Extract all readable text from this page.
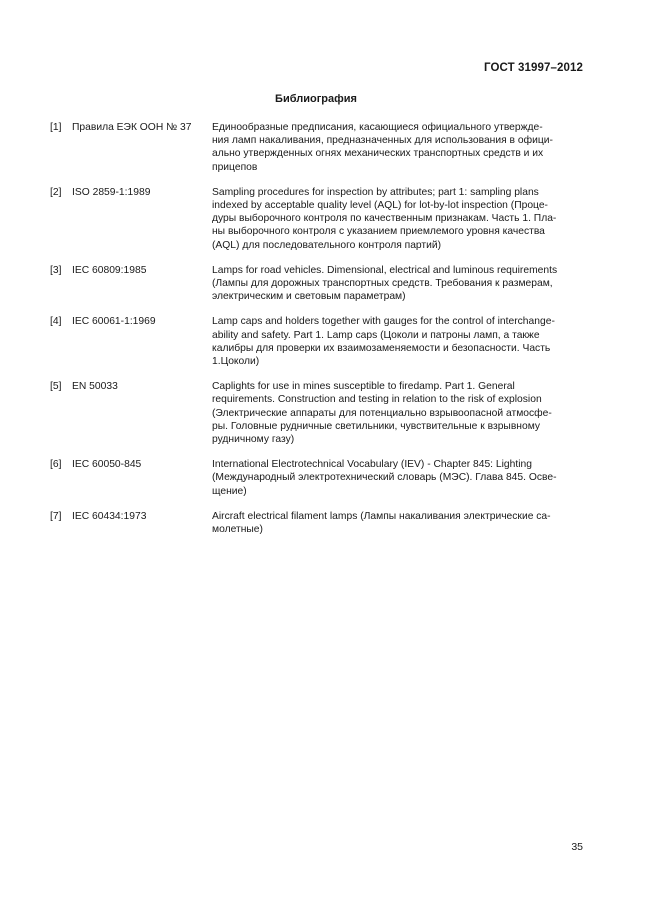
ГОСТ 31997–2012
Библиография
[1]	Правила ЕЭК ООН № 37	Единообразные предписания, касающиеся официального утвержде-
ния ламп накаливания, предназначенных для использования в офици-
ально утвержденных огнях механических транспортных средств и их
прицепов
[2]	ISO 2859-1:1989	Sampling procedures for inspection by attributes; part 1: sampling plans
indexed by acceptable quality level (AQL) for lot-by-lot inspection (Проце-
дуры выборочного контроля по качественным признакам. Часть 1. Пла-
ны выборочного контроля с указанием приемлемого уровня качества
(AQL) для последовательного контроля партий)
[3]	IEC 60809:1985	Lamps for road vehicles. Dimensional, electrical and luminous requirements
(Лампы для дорожных транспортных средств. Требования к размерам,
электрическим и световым параметрам)
[4]	IEC 60061-1:1969	Lamp caps and holders together with gauges for the control of interchange-
ability and safety. Part 1. Lamp caps (Цоколи и патроны ламп, а также
калибры для проверки их взаимозаменяемости и безопасности. Часть
1.Цоколи)
[5]	EN 50033	Caplights for use in mines susceptible to firedamp. Part 1. General
requirements. Construction and testing in relation to the risk of explosion
(Электрические аппараты для потенциально взрывоопасной атмосфе-
ры. Головные рудничные светильники, чувствительные к взрывному
рудничному газу)
[6]	IEC 60050-845	International Electrotechnical Vocabulary (IEV) - Chapter 845: Lighting
(Международный электротехнический словарь (МЭС). Глава 845. Осве-
щение)
[7]	IEC 60434:1973	Aircraft electrical filament lamps (Лампы накаливания электрические са-
молетные)
35
